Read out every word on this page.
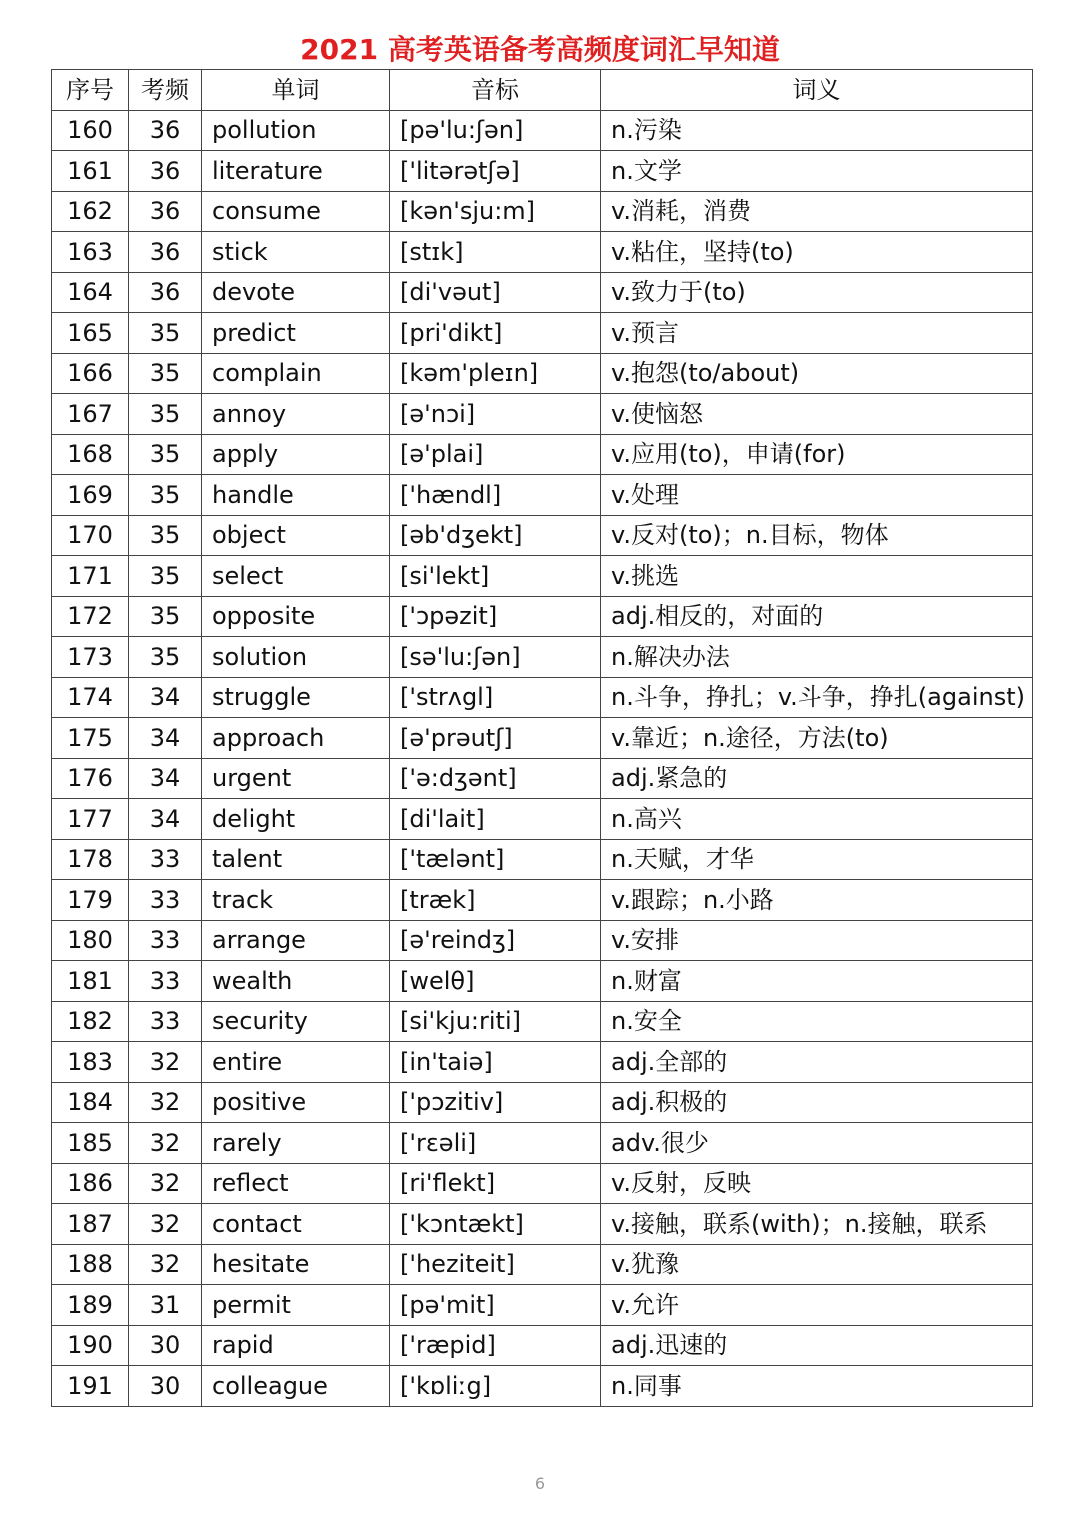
2021 高考英语备考高频度词汇早知道
序号	考频	单词	音标	词义
160	36	pollution	[pə'lu:ʃən]	n.污染
161	36	literature	['litərətʃə]	n.文学
162	36	consume	[kən'sju:m]	v.消耗，消费
163	36	stick	[stɪk]	v.粘住，坚持(to)
164	36	devote	[di'vəut]	v.致力于(to)
165	35	predict	[pri'dikt]	v.预言
166	35	complain	[kəm'pleɪn]	v.抱怨(to/about)
167	35	annoy	[ə'nɔi]	v.使恼怒
168	35	apply	[ə'plai]	v.应用(to)，申请(for)
169	35	handle	['hændl]	v.处理
170	35	object	[əb'dʒekt]	v.反对(to)；n.目标，物体
171	35	select	[si'lekt]	v.挑选
172	35	opposite	['ɔpəzit]	adj.相反的，对面的
173	35	solution	[sə'lu:ʃən]	n.解决办法
174	34	struggle	['strʌgl]	n.斗争，挣扎；v.斗争，挣扎(against)
175	34	approach	[ə'prəutʃ]	v.靠近；n.途径，方法(to)
176	34	urgent	['ə:dʒənt]	adj.紧急的
177	34	delight	[di'lait]	n.高兴
178	33	talent	['tælənt]	n.天赋，才华
179	33	track	[træk]	v.跟踪；n.小路
180	33	arrange	[ə'reindʒ]	v.安排
181	33	wealth	[welθ]	n.财富
182	33	security	[si'kju:riti]	n.安全
183	32	entire	[in'taiə]	adj.全部的
184	32	positive	['pɔzitiv]	adj.积极的
185	32	rarely	['rɛəli]	adv.很少
186	32	reflect	[ri'flekt]	v.反射，反映
187	32	contact	['kɔntækt]	v.接触，联系(with)；n.接触，联系
188	32	hesitate	['heziteit]	v.犹豫
189	31	permit	[pə'mit]	v.允许
190	30	rapid	['ræpid]	adj.迅速的
191	30	colleague	['kɒliːg]	n.同事
6
